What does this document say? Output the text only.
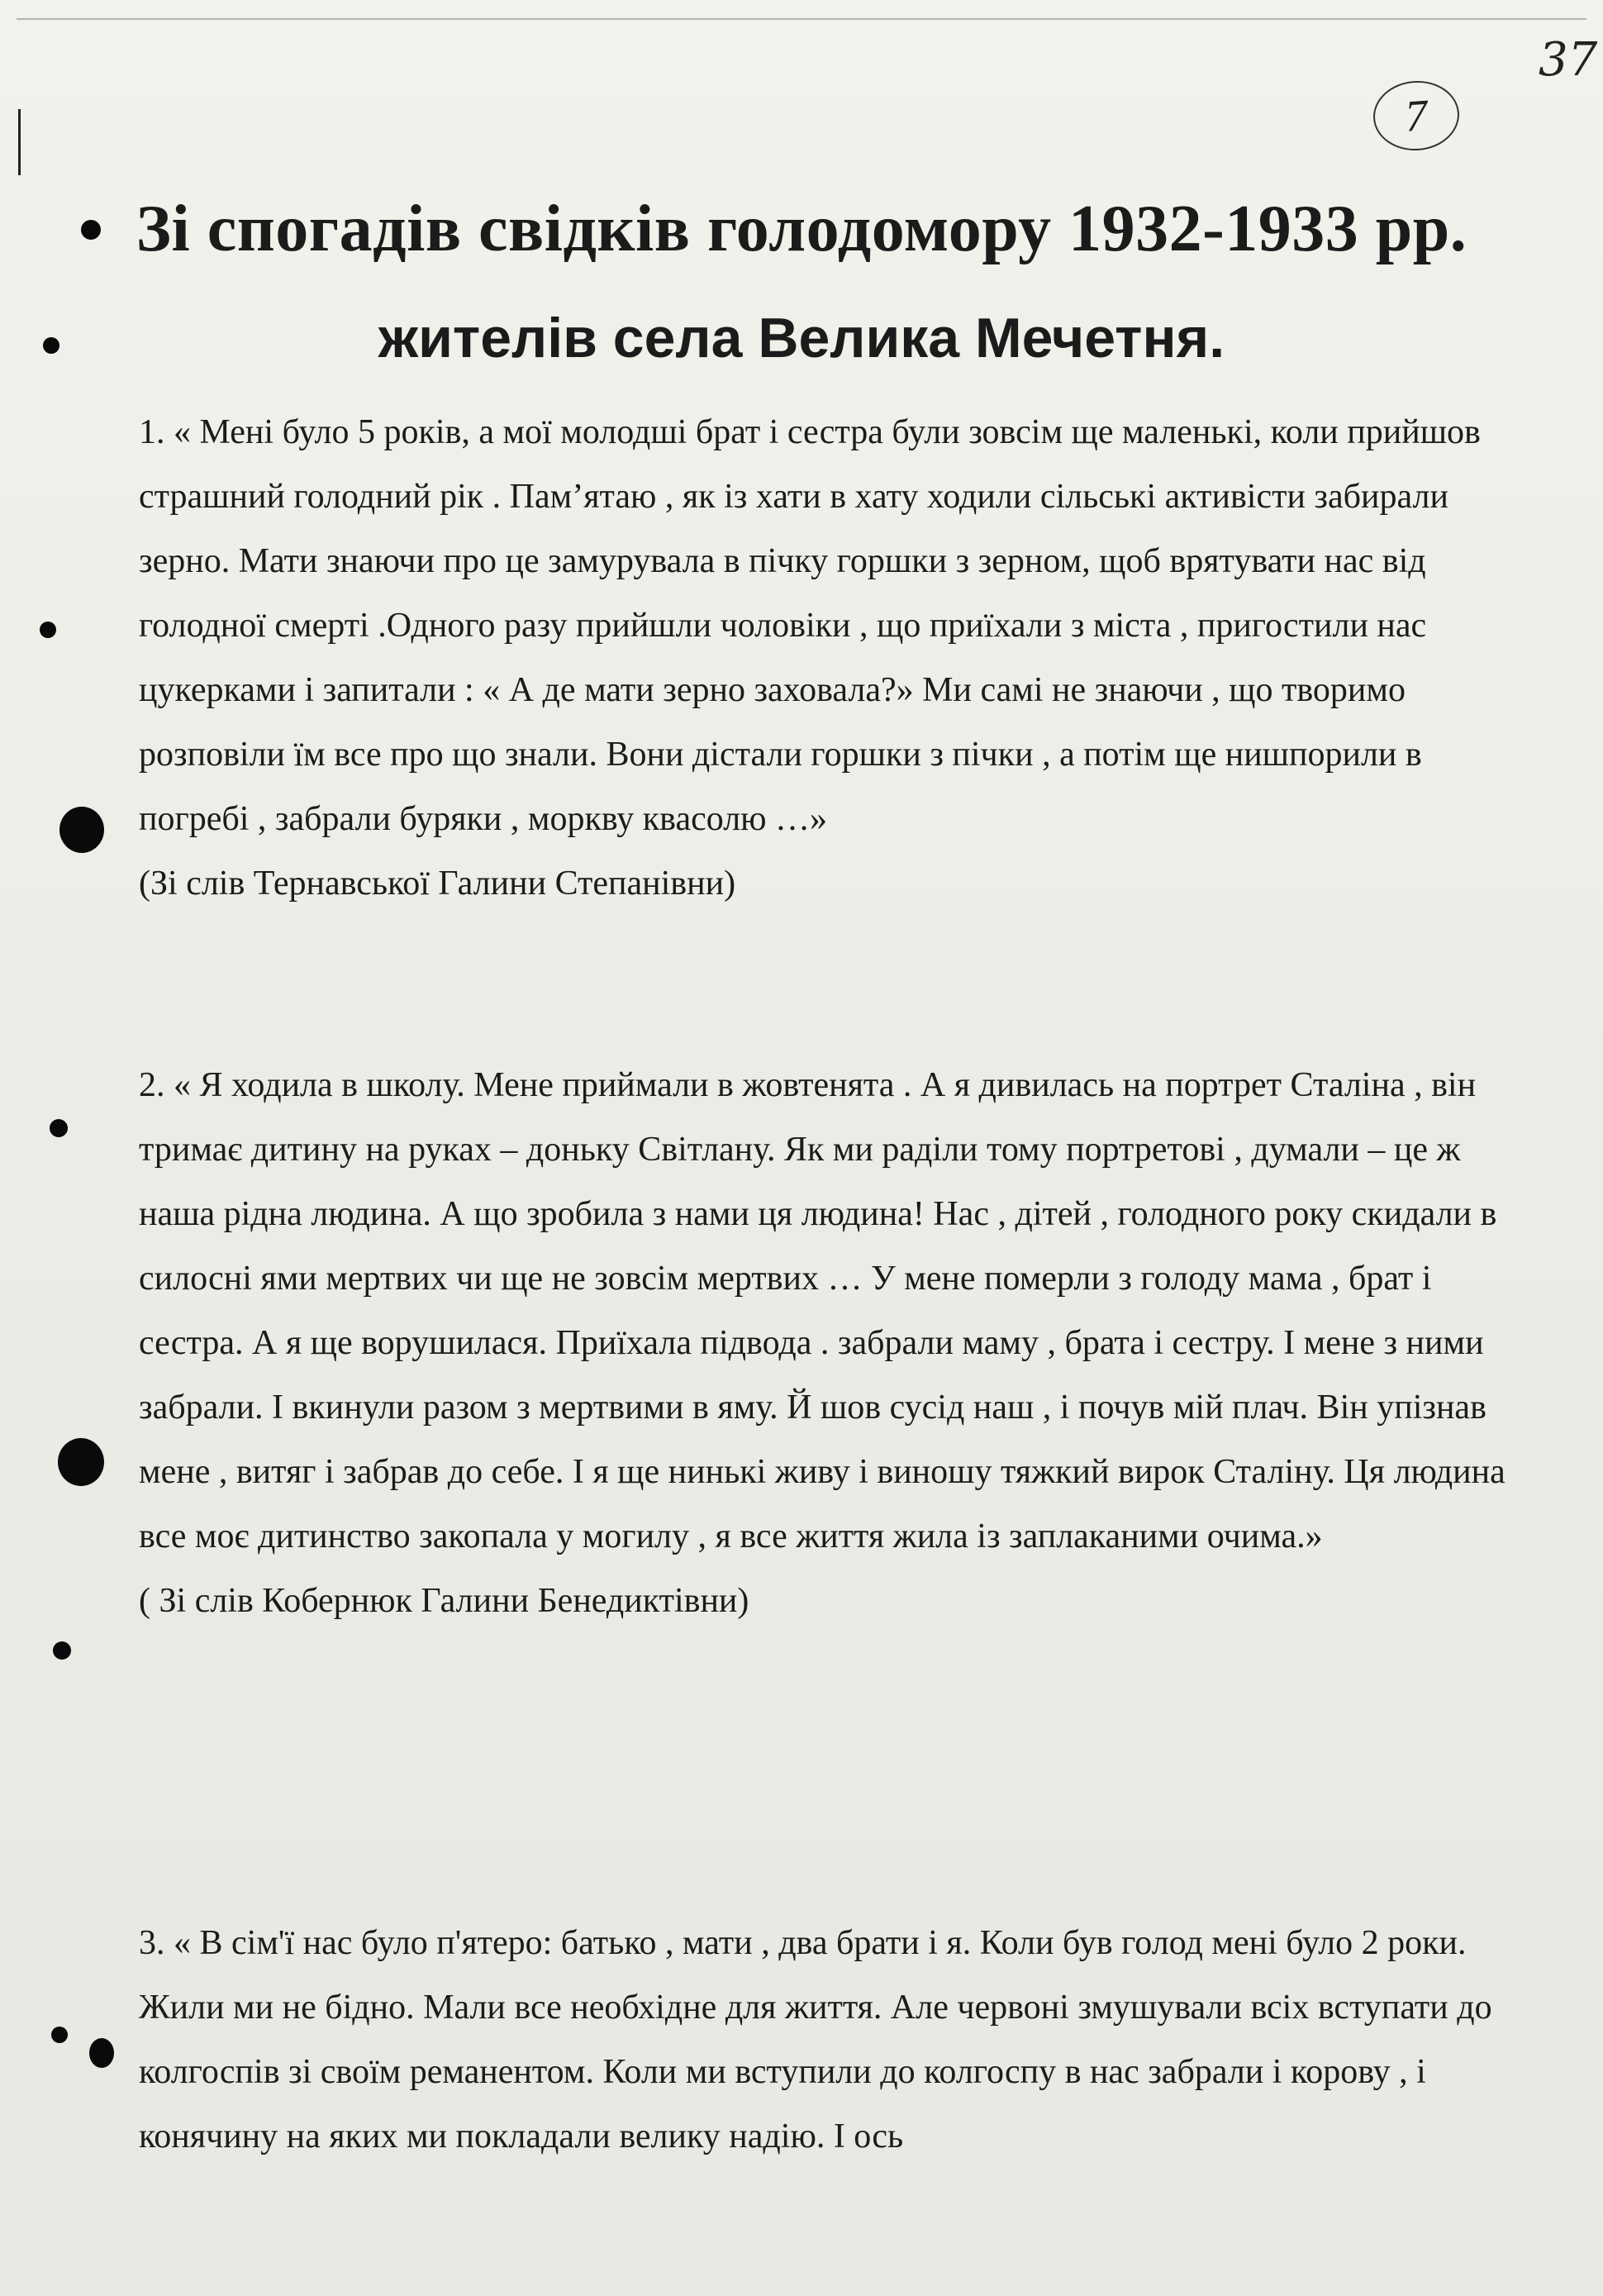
37
7
Зі спогадів свідків голодомору 1932-1933 рр.
жителів села Велика Мечетня.

1. « Мені було 5 років, а мої молодші брат і сестра були зовсім ще маленькі, коли прийшов страшний голодний рік . Пам’ятаю , як із хати в хату ходили сільські активісти забирали зерно. Мати знаючи про це замурувала в пічку горшки з зерном, щоб врятувати нас від голодної смерті .Одного разу прийшли чоловіки , що приїхали з міста , пригостили нас цукерками і запитали : « А де мати зерно заховала?» Ми самі не знаючи , що творимо розповіли їм все про що знали. Вони дістали горшки з пічки , а потім ще нишпорили в погребі , забрали буряки , моркву квасолю …»

(Зі слів Тернавської Галини Степанівни)

2. « Я ходила в школу. Мене приймали в жовтенята . А я дивилась на портрет Сталіна , він тримає дитину на руках – доньку Світлану. Як ми раділи тому портретові , думали – це ж наша рідна людина. А що зробила з нами ця людина! Нас , дітей , голодного року скидали в силосні ями мертвих чи ще не зовсім мертвих … У мене померли з голоду мама , брат і сестра. А я ще ворушилася. Приїхала підвода . забрали маму , брата і сестру. І мене з ними забрали. І вкинули разом з мертвими в яму. Й шов сусід наш , і почув мій плач. Він упізнав мене , витяг і забрав до себе. І я ще нинькі живу і виношу тяжкий вирок Сталіну. Ця людина все моє дитинство закопала у могилу , я все життя жила із заплаканими очима.»

( Зі слів Кобернюк Галини Бенедиктівни)

3. « В сім'ї нас було п'ятеро: батько , мати , два брати і я. Коли був голод мені було 2 роки. Жили ми не бідно. Мали все необхідне для життя. Але червоні змушували всіх вступати до колгоспів зі своїм реманентом. Коли ми вступили до колгоспу в нас забрали і корову , і конячину на яких ми покладали велику надію. І ось
